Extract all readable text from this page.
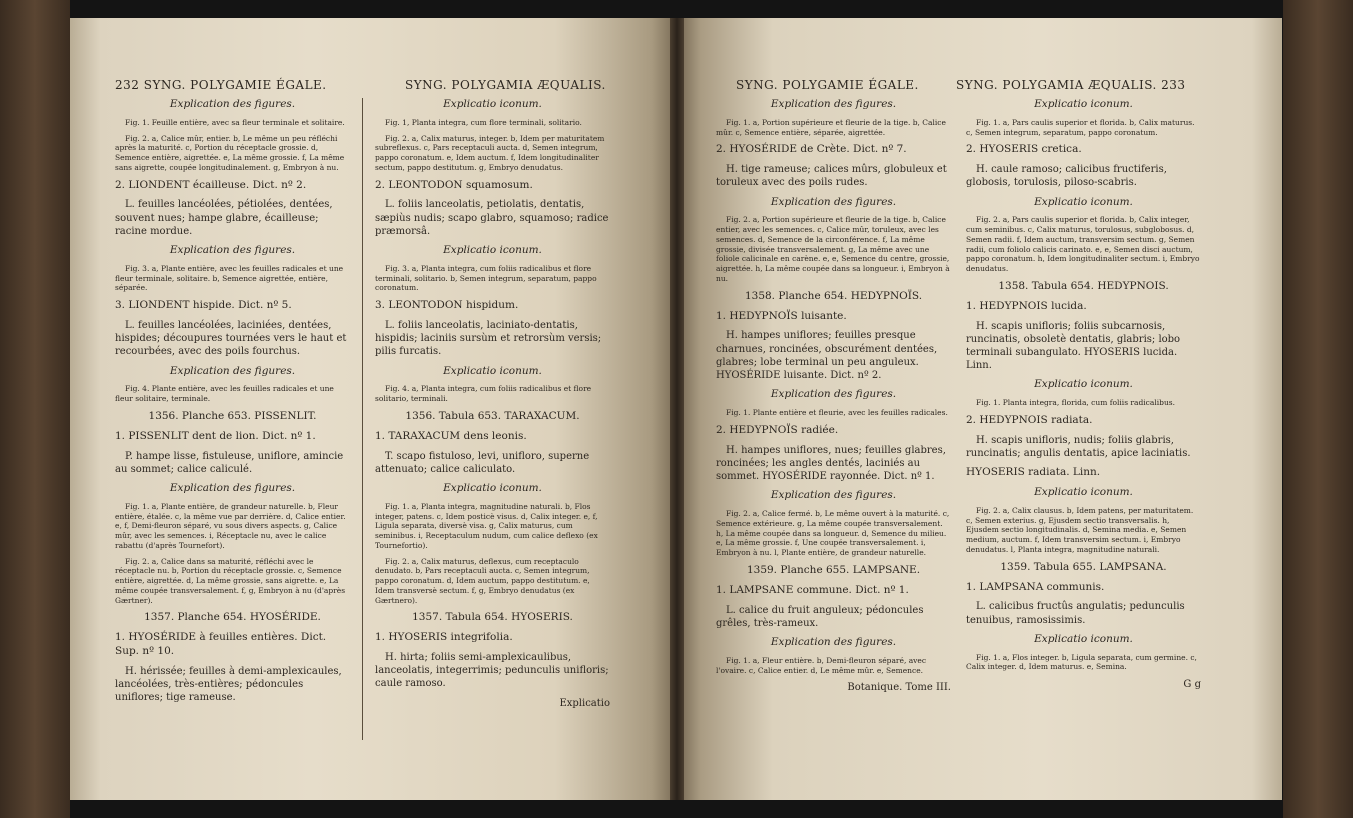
232 SYNG. POLYGAMIE ÉGALE.	SYNG. POLYGAMIA ÆQUALIS.

Explication des figures.

Fig. 1. Feuille entière, avec sa fleur terminale et solitaire.

Fig. 2. a, Calice mûr, entier. b, Le même un peu réfléchi après la maturité. c, Portion du réceptacle grossie. d, Semence entière, aigrettée. e, La même grossie. f, La même sans aigrette, coupée longitudinalement. g, Embryon à nu.

2. LIONDENT écailleuse. Dict. nº 2.

L. feuilles lancéolées, pétiolées, dentées, souvent nues; hampe glabre, écailleuse; racine mordue.

Explication des figures.

Fig. 3. a, Plante entière, avec les feuilles radicales et une fleur terminale, solitaire. b, Semence aigrettée, entière, séparée.

3. LIONDENT hispide. Dict. nº 5.

L. feuilles lancéolées, laciniées, dentées, hispides; découpures tournées vers le haut et recourbées, avec des poils fourchus.

Explication des figures.

Fig. 4. Plante entière, avec les feuilles radicales et une fleur solitaire, terminale.

1356. Planche 653. PISSENLIT.

1. PISSENLIT dent de lion. Dict. nº 1.

P. hampe lisse, fistuleuse, uniflore, amincie au sommet; calice caliculé.

Explication des figures.

Fig. 1. a, Plante entière, de grandeur naturelle. b, Fleur entière, étalée. c, la même vue par derrière. d, Calice entier. e, f, Demi-fleuron séparé, vu sous divers aspects. g, Calice mûr, avec les semences. i, Réceptacle nu, avec le calice rabattu (d'après Tournefort).

Fig. 2. a, Calice dans sa maturité, réfléchi avec le réceptacle nu. b, Portion du réceptacle grossie. c, Semence entière, aigrettée. d, La même grossie, sans aigrette. e, La même coupée transversalement. f, g, Embryon à nu (d'après Gærtner).

1357. Planche 654. HYOSÉRIDE.

1. HYOSÉRIDE à feuilles entières. Dict. Sup. nº 10.

H. hérissée; feuilles à demi-amplexicaules, lancéolées, très-entières; pédoncules uniflores; tige rameuse.

Explicatio iconum.

Fig. 1, Planta integra, cum flore terminali, solitario.

Fig. 2. a, Calix maturus, integer. b, Idem per maturitatem subreflexus. c, Pars receptaculi aucta. d, Semen integrum, pappo coronatum. e, Idem auctum. f, Idem longitudinaliter sectum, pappo destitutum. g, Embryo denudatus.

2. LEONTODON squamosum.

L. foliis lanceolatis, petiolatis, dentatis, sæpiùs nudis; scapo glabro, squamoso; radice præmorsâ.

Explicatio iconum.

Fig. 3. a, Planta integra, cum foliis radicalibus et flore terminali, solitario. b, Semen integrum, separatum, pappo coronatum.

3. LEONTODON hispidum.

L. foliis lanceolatis, laciniato-dentatis, hispidis; laciniis sursùm et retrorsùm versis; pilis furcatis.

Explicatio iconum.

Fig. 4. a, Planta integra, cum foliis radicalibus et flore solitario, terminali.

1356. Tabula 653. TARAXACUM.

1. TARAXACUM dens leonis.

T. scapo fistuloso, levi, unifloro, superne attenuato; calice caliculato.

Explicatio iconum.

Fig. 1. a, Planta integra, magnitudine naturali. b, Flos integer, patens. c, Idem posticè visus. d, Calix integer. e, f, Ligula separata, diversè visa. g, Calix maturus, cum seminibus. i, Receptaculum nudum, cum calice deflexo (ex Tournefortio).

Fig. 2. a, Calix maturus, deflexus, cum receptaculo denudato. b, Pars receptaculi aucta. c, Semen integrum, pappo coronatum. d, Idem auctum, pappo destitutum. e, Idem transversè sectum. f, g, Embryo denudatus (ex Gærtnero).

1357. Tabula 654. HYOSERIS.

1. HYOSERIS integrifolia.

H. hirta; foliis semi-amplexicaulibus, lanceolatis, integerrimis; pedunculis unifloris; caule ramoso.

Explicatio

SYNG. POLYGAMIE ÉGALE.	SYNG. POLYGAMIA ÆQUALIS. 233

Explication des figures.

Fig. 1. a, Portion supérieure et fleurie de la tige. b, Calice mûr. c, Semence entière, séparée, aigrettée.

2. HYOSÉRIDE de Crète. Dict. nº 7.

H. tige rameuse; calices mûrs, globuleux et toruleux avec des poils rudes.

Explication des figures.

Fig. 2. a, Portion supérieure et fleurie de la tige. b, Calice entier, avec les semences. c, Calice mûr, toruleux, avec les semences. d, Semence de la circonférence. f, La même grossie, divisée transversalement. g, La même avec une foliole calicinale en carène. e, e, Semence du centre, grossie, aigrettée. h, La même coupée dans sa longueur. i, Embryon à nu.

1358. Planche 654. HEDYPNOÏS.

1. HEDYPNOÏS luisante.

H. hampes uniflores; feuilles presque charnues, roncinées, obscurément dentées, glabres; lobe terminal un peu anguleux. HYOSÉRIDE luisante. Dict. nº 2.

Explication des figures.

Fig. 1. Plante entière et fleurie, avec les feuilles radicales.

2. HEDYPNOÏS radiée.

H. hampes uniflores, nues; feuilles glabres, roncinées; les angles dentés, laciniés au sommet. HYOSÉRIDE rayonnée. Dict. nº 1.

Explication des figures.

Fig. 2. a, Calice fermé. b, Le même ouvert à la maturité. c, Semence extérieure. g, La même coupée transversalement. h, La même coupée dans sa longueur. d, Semence du milieu. e, La même grossie. f, Une coupée transversalement. i, Embryon à nu. l, Plante entière, de grandeur naturelle.

1359. Planche 655. LAMPSANE.

1. LAMPSANE commune. Dict. nº 1.

L. calice du fruit anguleux; pédoncules grêles, très-rameux.

Explication des figures.

Fig. 1. a, Fleur entière. b, Demi-fleuron séparé, avec l'ovaire. c, Calice entier. d, Le même mûr. e, Semence.

Botanique. Tome III.

Explicatio iconum.

Fig. 1. a, Pars caulis superior et florida. b, Calix maturus. c, Semen integrum, separatum, pappo coronatum.

2. HYOSERIS cretica.

H. caule ramoso; calicibus fructiferis, globosis, torulosis, piloso-scabris.

Explicatio iconum.

Fig. 2. a, Pars caulis superior et florida. b, Calix integer, cum seminibus. c, Calix maturus, torulosus, subglobosus. d, Semen radii. f, Idem auctum, transversim sectum. g, Semen radii, cum foliolo calicis carinato. e, e, Semen disci auctum, pappo coronatum. h, Idem longitudinaliter sectum. i, Embryo denudatus.

1358. Tabula 654. HEDYPNOIS.

1. HEDYPNOIS lucida.

H. scapis unifloris; foliis subcarnosis, runcinatis, obsoletè dentatis, glabris; lobo terminali subangulato. HYOSERIS lucida. Linn.

Explicatio iconum.

Fig. 1. Planta integra, florida, cum foliis radicalibus.

2. HEDYPNOIS radiata.

H. scapis unifloris, nudis; foliis glabris, runcinatis; angulis dentatis, apice laciniatis.

HYOSERIS radiata. Linn.

Explicatio iconum.

Fig. 2. a, Calix clausus. b, Idem patens, per maturitatem. c, Semen exterius. g, Ejusdem sectio transversalis. h, Ejusdem sectio longitudinalis. d, Semina media. e, Semen medium, auctum. f, Idem transversim sectum. i, Embryo denudatus. l, Planta integra, magnitudine naturali.

1359. Tabula 655. LAMPSANA.

1. LAMPSANA communis.

L. calicibus fructûs angulatis; pedunculis tenuibus, ramosissimis.

Explicatio iconum.

Fig. 1. a, Flos integer. b, Ligula separata, cum germine. c, Calix integer. d, Idem maturus. e, Semina.

G g
